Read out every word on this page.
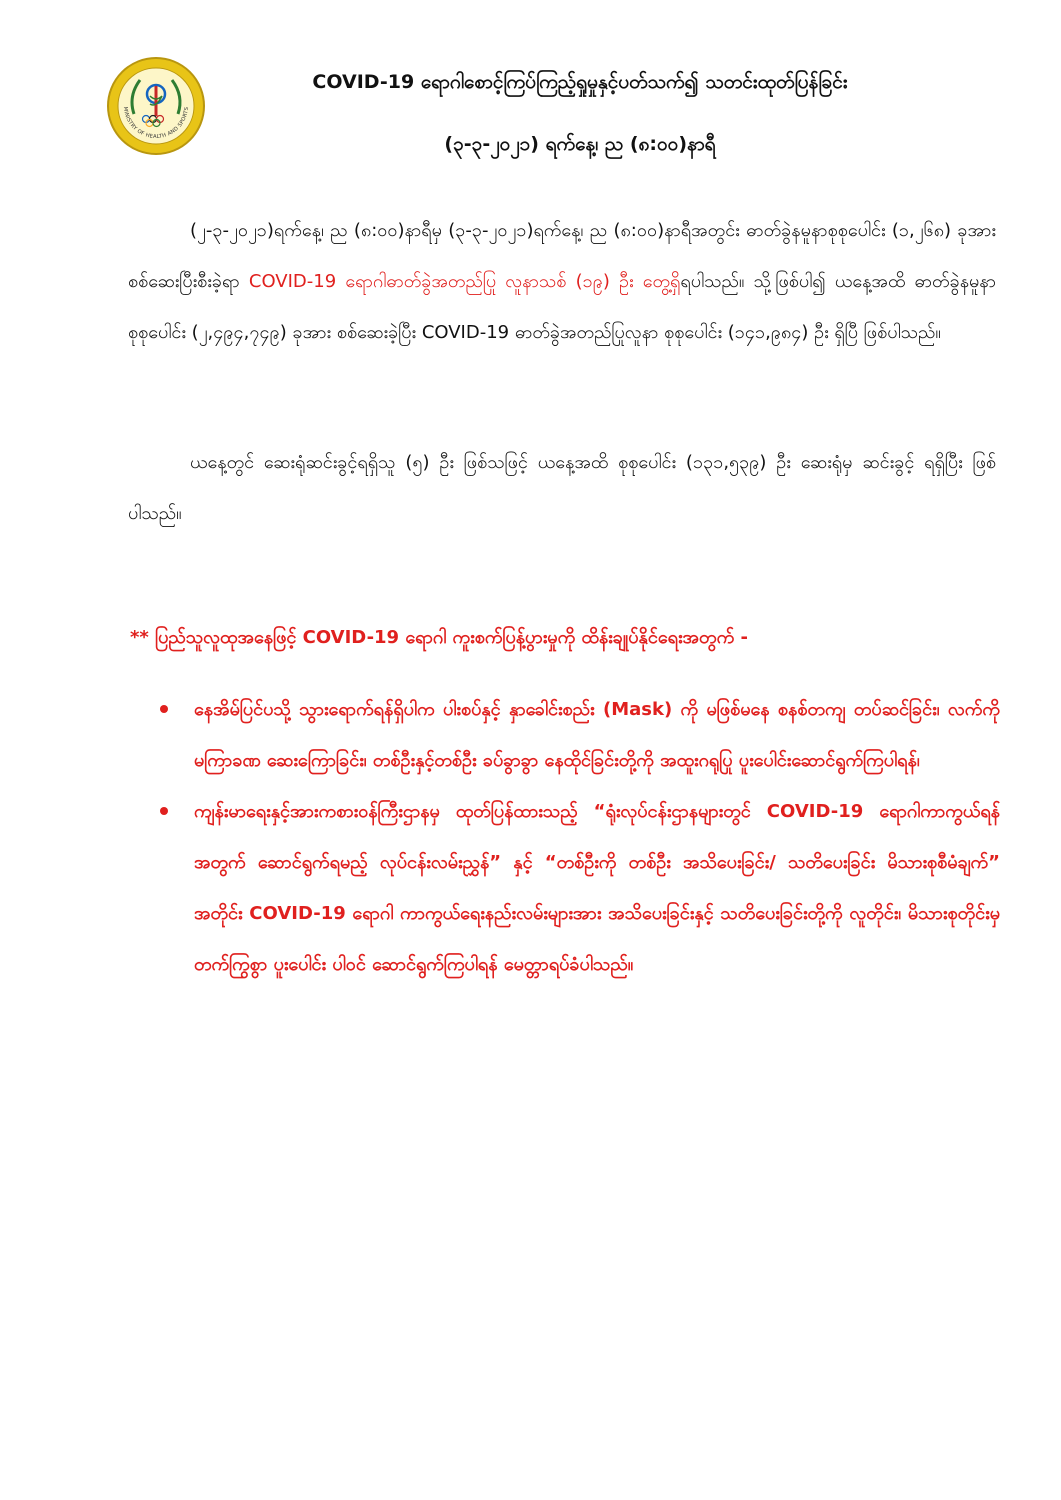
MINISTRY OF HEALTH AND SPORTS
COVID-19 ရောဂါစောင့်ကြပ်ကြည့်ရှုမှုနှင့်ပတ်သက်၍ သတင်းထုတ်ပြန်ခြင်း
(၃-၃-၂၀၂၁) ရက်နေ့၊ ည (၈:၀၀)နာရီ
(၂-၃-၂၀၂၁)ရက်နေ့၊ ည (၈:၀၀)နာရီမှ (၃-၃-၂၀၂၁)ရက်နေ့၊ ည (၈:၀၀)နာရီအတွင်း ဓာတ်ခွဲနမူနာစုစုပေါင်း (၁,၂၆၈) ခုအား စစ်ဆေးပြီးစီးခဲ့ရာ COVID-19 ရောဂါဓာတ်ခွဲအတည်ပြု လူနာသစ် (၁၉) ဦး တွေ့ရှိရပါသည်။ သို့ဖြစ်ပါ၍ ယနေ့အထိ ဓာတ်ခွဲနမူနာ စုစုပေါင်း (၂,၄၉၄,၇၄၉) ခုအား စစ်ဆေးခဲ့ပြီး COVID-19 ဓာတ်ခွဲအတည်ပြုလူနာ စုစုပေါင်း (၁၄၁,၉၈၄) ဦး ရှိပြီ ဖြစ်ပါသည်။
ယနေ့တွင် ဆေးရုံဆင်းခွင့်ရရှိသူ (၅) ဦး ဖြစ်သဖြင့် ယနေ့အထိ စုစုပေါင်း (၁၃၁,၅၃၉) ဦး ဆေးရုံမှ ဆင်းခွင့် ရရှိပြီး ဖြစ်ပါသည်။
** ပြည်သူလူထုအနေဖြင့် COVID-19 ရောဂါ ကူးစက်ပြန့်ပွားမှုကို ထိန်းချုပ်နိုင်ရေးအတွက် -
နေအိမ်ပြင်ပသို့ သွားရောက်ရန်ရှိပါက ပါးစပ်နှင့် နှာခေါင်းစည်း (Mask) ကို မဖြစ်မနေ စနစ်တကျ တပ်ဆင်ခြင်း၊ လက်ကို မကြာခဏ ဆေးကြောခြင်း၊ တစ်ဦးနှင့်တစ်ဦး ခပ်ခွာခွာ နေထိုင်ခြင်းတို့ကို အထူးဂရုပြု ပူးပေါင်းဆောင်ရွက်ကြပါရန်၊
ကျန်းမာရေးနှင့်အားကစားဝန်ကြီးဌာနမှ ထုတ်ပြန်ထားသည့် “ရုံးလုပ်ငန်းဌာနများတွင် COVID-19 ရောဂါကာကွယ်ရန်အတွက် ဆောင်ရွက်ရမည့် လုပ်ငန်းလမ်းညွှန်” နှင့် “တစ်ဦးကို တစ်ဦး အသိပေးခြင်း/ သတိပေးခြင်း မိသားစုစီမံချက်” အတိုင်း COVID-19 ရောဂါ ကာကွယ်ရေးနည်းလမ်းများအား အသိပေးခြင်းနှင့် သတိပေးခြင်းတို့ကို လူတိုင်း၊ မိသားစုတိုင်းမှ တက်ကြွစွာ ပူးပေါင်း ပါဝင် ဆောင်ရွက်ကြပါရန် မေတ္တာရပ်ခံပါသည်။
